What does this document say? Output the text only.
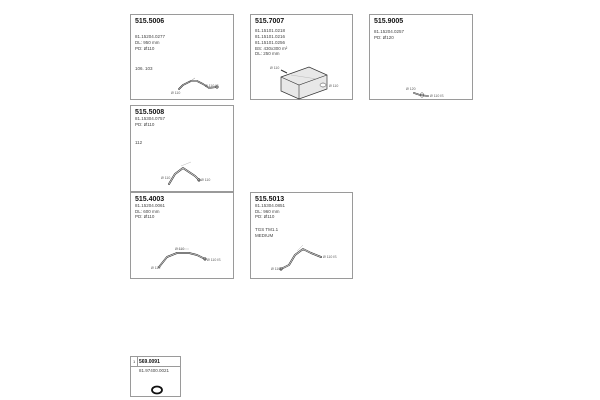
515.5006
81.15204.0277
DL: 950 mm
PD: Ø110
106. 103
Ø 110
Ø 110 IS
515.7007
81.15101.0218
81.15101.0216
81.15101.0256
BS: 430x300 m²
DL: 250 mm
Ø 110
Ø 110
515.9005
81.15204.0257
PD: Ø120
Ø 120
Ø 110 IS
515.5008
81.15304.0757
PD: Ø110
112
Ø 110	Ø 110
515.4003
81.15204.0061
DL: 600 mm
PD: Ø110
Ø 110
Ø 110
Ø 110 IS
515.5013
81.15304.0851
DL: 960 mm
PD: Ø110
TGS TM1.1
MEDIUM
Ø 110
Ø 110 IS
1 569.0091
81.97400.0021
